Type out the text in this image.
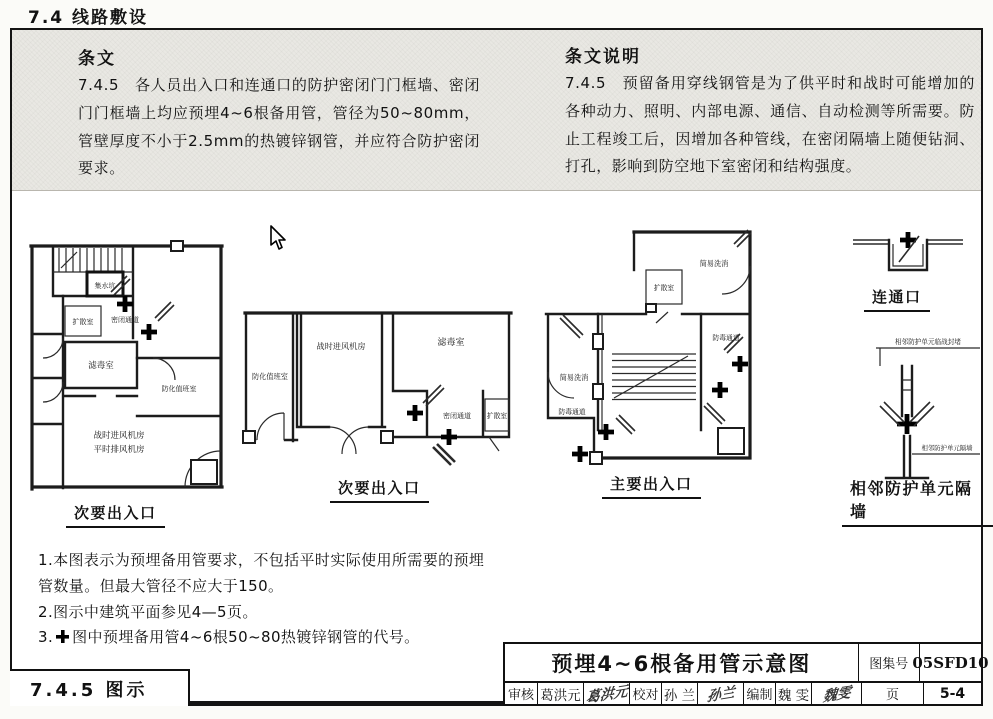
7.4 线路敷设
条文
7.4.5　各人员出入口和连通口的防护密闭门门框墙、密闭门门框墙上均应预埋4~6根备用管，管径为50~80mm，管壁厚度不小于2.5mm的热镀锌钢管，并应符合防护密闭要求。
条文说明
7.4.5　预留备用穿线钢管是为了供平时和战时可能增加的各种动力、照明、内部电源、通信、自动检测等所需要。防止工程竣工后，因增加各种管线，在密闭隔墙上随便钻洞、打孔，影响到防空地下室密闭和结构强度。
集水坑
扩散室	密闭通道
滤毒室
防化值班室
战时进风机房
平时排风机房
次要出入口
防化值班室
战时进风机房	滤毒室
扩散室
密闭通道
次要出入口
扩散室
简易洗消
防毒通道
简易洗消
防毒通道
主要出入口
连通口
相邻防护单元临战封堵
相邻防护单元隔墙
相邻防护单元隔墙
1.本图表示为预埋备用管要求，不包括平时实际使用所需要的预埋管数量。但最大管径不应大于150。
2.图示中建筑平面参见4—5页。
3. 图中预埋备用管4~6根50~80热镀锌钢管的代号。
7.4.5 图示
预埋4~6根备用管示意图	图集号 05SFD10
审核 葛洪元 葛洪元 校对 孙 兰 孙兰 编制 魏 雯 魏雯	页	5-4
